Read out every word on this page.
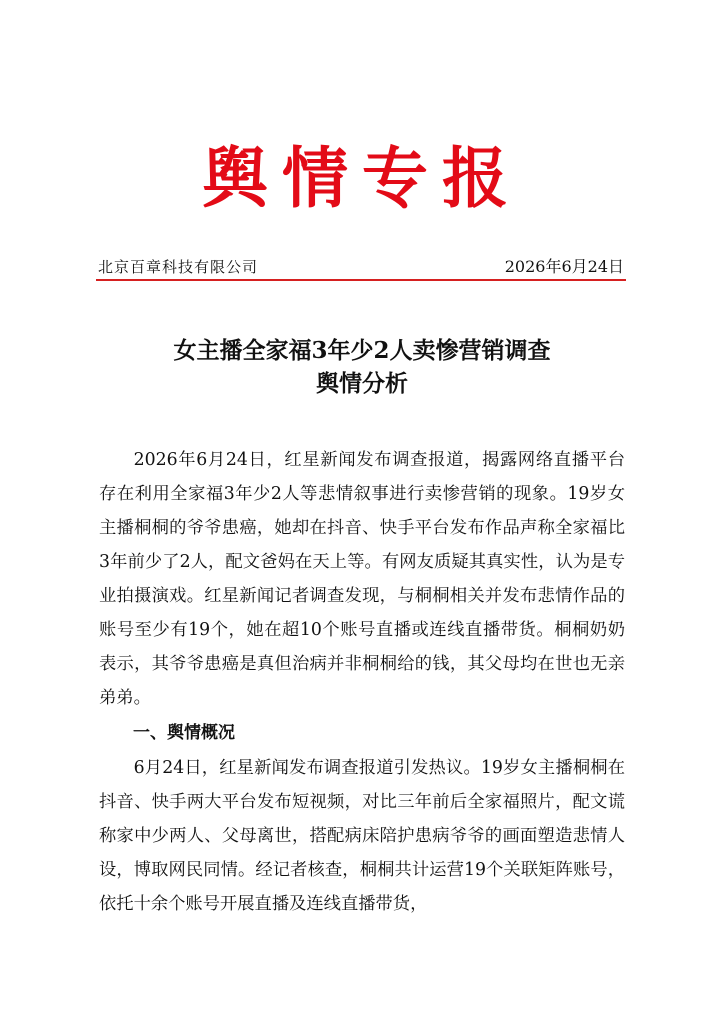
舆情专报
北京百章科技有限公司	2026年6月24日
女主播全家福3年少2人卖惨营销调查
舆情分析

2026年6月24日，红星新闻发布调查报道，揭露网络直播平台存在利用全家福3年少2人等悲情叙事进行卖惨营销的现象。19岁女主播桐桐的爷爷患癌，她却在抖音、快手平台发布作品声称全家福比3年前少了2人，配文爸妈在天上等。有网友质疑其真实性，认为是专业拍摄演戏。红星新闻记者调查发现，与桐桐相关并发布悲情作品的账号至少有19个，她在超10个账号直播或连线直播带货。桐桐奶奶表示，其爷爷患癌是真但治病并非桐桐给的钱，其父母均在世也无亲弟弟。

一、舆情概况

6月24日，红星新闻发布调查报道引发热议。19岁女主播桐桐在抖音、快手两大平台发布短视频，对比三年前后全家福照片，配文谎称家中少两人、父母离世，搭配病床陪护患病爷爷的画面塑造悲情人设，博取网民同情。经记者核查，桐桐共计运营19个关联矩阵账号，依托十余个账号开展直播及连线直播带货，
